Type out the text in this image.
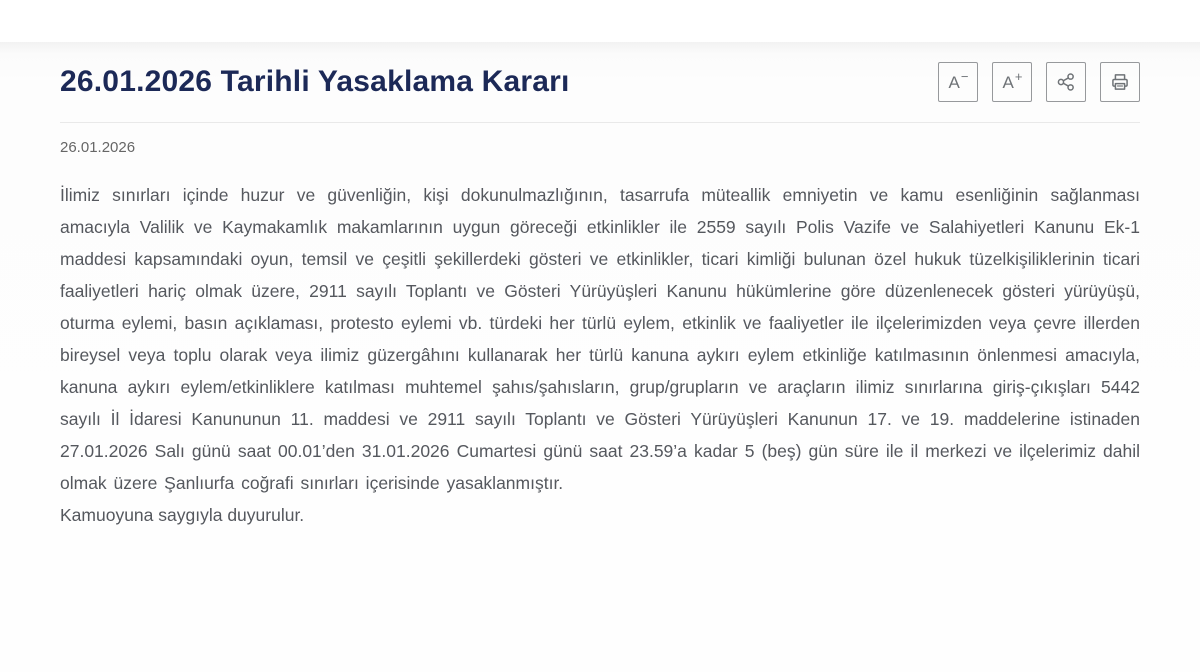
26.01.2026 Tarihli Yasaklama Kararı	A− A+
26.01.2026

İlimiz sınırları içinde huzur ve güvenliğin, kişi dokunulmazlığının, tasarrufa müteallik emniyetin ve kamu esenliğinin sağlanması amacıyla Valilik ve Kaymakamlık makamlarının uygun göreceği etkinlikler ile 2559 sayılı Polis Vazife ve Salahiyetleri Kanunu Ek-1 maddesi kapsamındaki oyun, temsil ve çeşitli şekillerdeki gösteri ve etkinlikler, ticari kimliği bulunan özel hukuk tüzelkişiliklerinin ticari faaliyetleri hariç olmak üzere, 2911 sayılı Toplantı ve Gösteri Yürüyüşleri Kanunu hükümlerine göre düzenlenecek gösteri yürüyüşü, oturma eylemi, basın açıklaması, protesto eylemi vb. türdeki her türlü eylem, etkinlik ve faaliyetler ile ilçelerimizden veya çevre illerden bireysel veya toplu olarak veya ilimiz güzergâhını kullanarak her türlü kanuna aykırı eylem etkinliğe katılmasının önlenmesi amacıyla, kanuna aykırı eylem/etkinliklere katılması muhtemel şahıs/şahısların, grup/grupların ve araçların ilimiz sınırlarına giriş-çıkışları 5442 sayılı İl İdaresi Kanununun 11. maddesi ve 2911 sayılı Toplantı ve Gösteri Yürüyüşleri Kanunun 17. ve 19. maddelerine istinaden 27.01.2026 Salı günü saat 00.01’den 31.01.2026 Cumartesi günü saat 23.59’a kadar 5 (beş) gün süre ile il merkezi ve ilçelerimiz dahil olmak üzere Şanlıurfa coğrafi sınırları içerisinde yasaklanmıştır.

Kamuoyuna saygıyla duyurulur.
